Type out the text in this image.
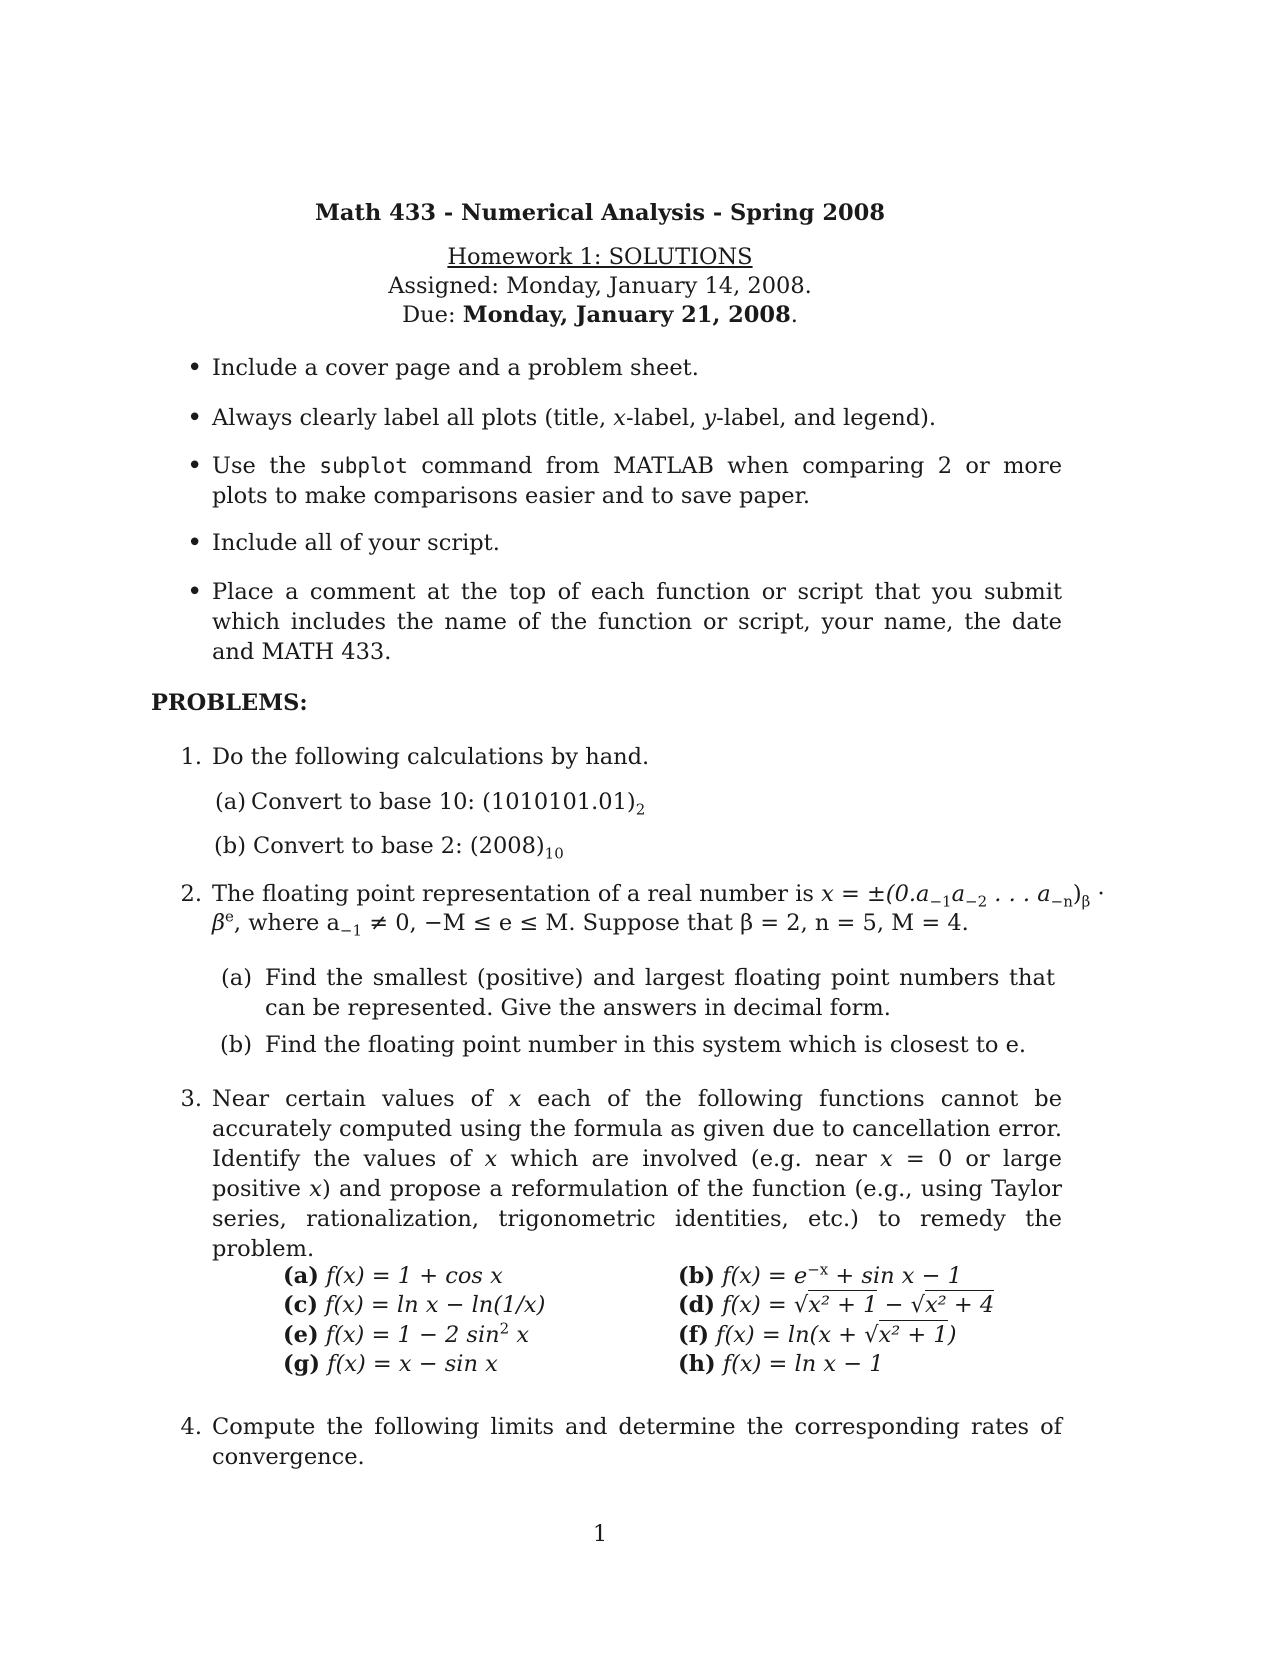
Math 433 - Numerical Analysis - Spring 2008
Homework 1: SOLUTIONS
Assigned: Monday, January 14, 2008.
Due: Monday, January 21, 2008.
• Include a cover page and a problem sheet.
• Always clearly label all plots (title, x-label, y-label, and legend).
• Use the subplot command from MATLAB when comparing 2 or more plots to make comparisons easier and to save paper.
• Include all of your script.
• Place a comment at the top of each function or script that you submit which includes the name of the function or script, your name, the date and MATH 433.
PROBLEMS:
1. Do the following calculations by hand.
(a) Convert to base 10: $(1010101.01)_2$
(b) Convert to base 2: $(2008)_{10}$
2. The floating point representation of a real number is $x = \pm(0.a_{-1}a_{-2}$ . . . $a_{-n})_\beta$ ·
$\beta^e$, where $a_{-1} \ne 0$, −M ≤ e ≤ M. Suppose that β = 2, n = 5, M = 4.
(a) Find the smallest (positive) and largest floating point numbers that can be represented. Give the answers in decimal form.
(b) Find the floating point number in this system which is closest to e.
3. Near certain values of x each of the following functions cannot be accurately computed using the formula as given due to cancellation error. Identify the values of x which are involved (e.g. near x = 0 or large positive x) and propose a reformulation of the function (e.g., using Taylor series, rationalization, trigonometric identities, etc.) to remedy the problem.
(a) f(x) = 1 + cos x
(c) f(x) = ln x − ln(1/x)
(e) f(x) = 1 − 2 $\sin^2 x$
(g) f(x) = x − sin x
(b) $f(x) = e^{-x} + \sin x - 1$
(d) f(x) = √x² + 1 − √x² + 4
(f) f(x) = ln(x + √x² + 1)
(h) f(x) = ln x − 1
4. Compute the following limits and determine the corresponding rates of convergence.
1
